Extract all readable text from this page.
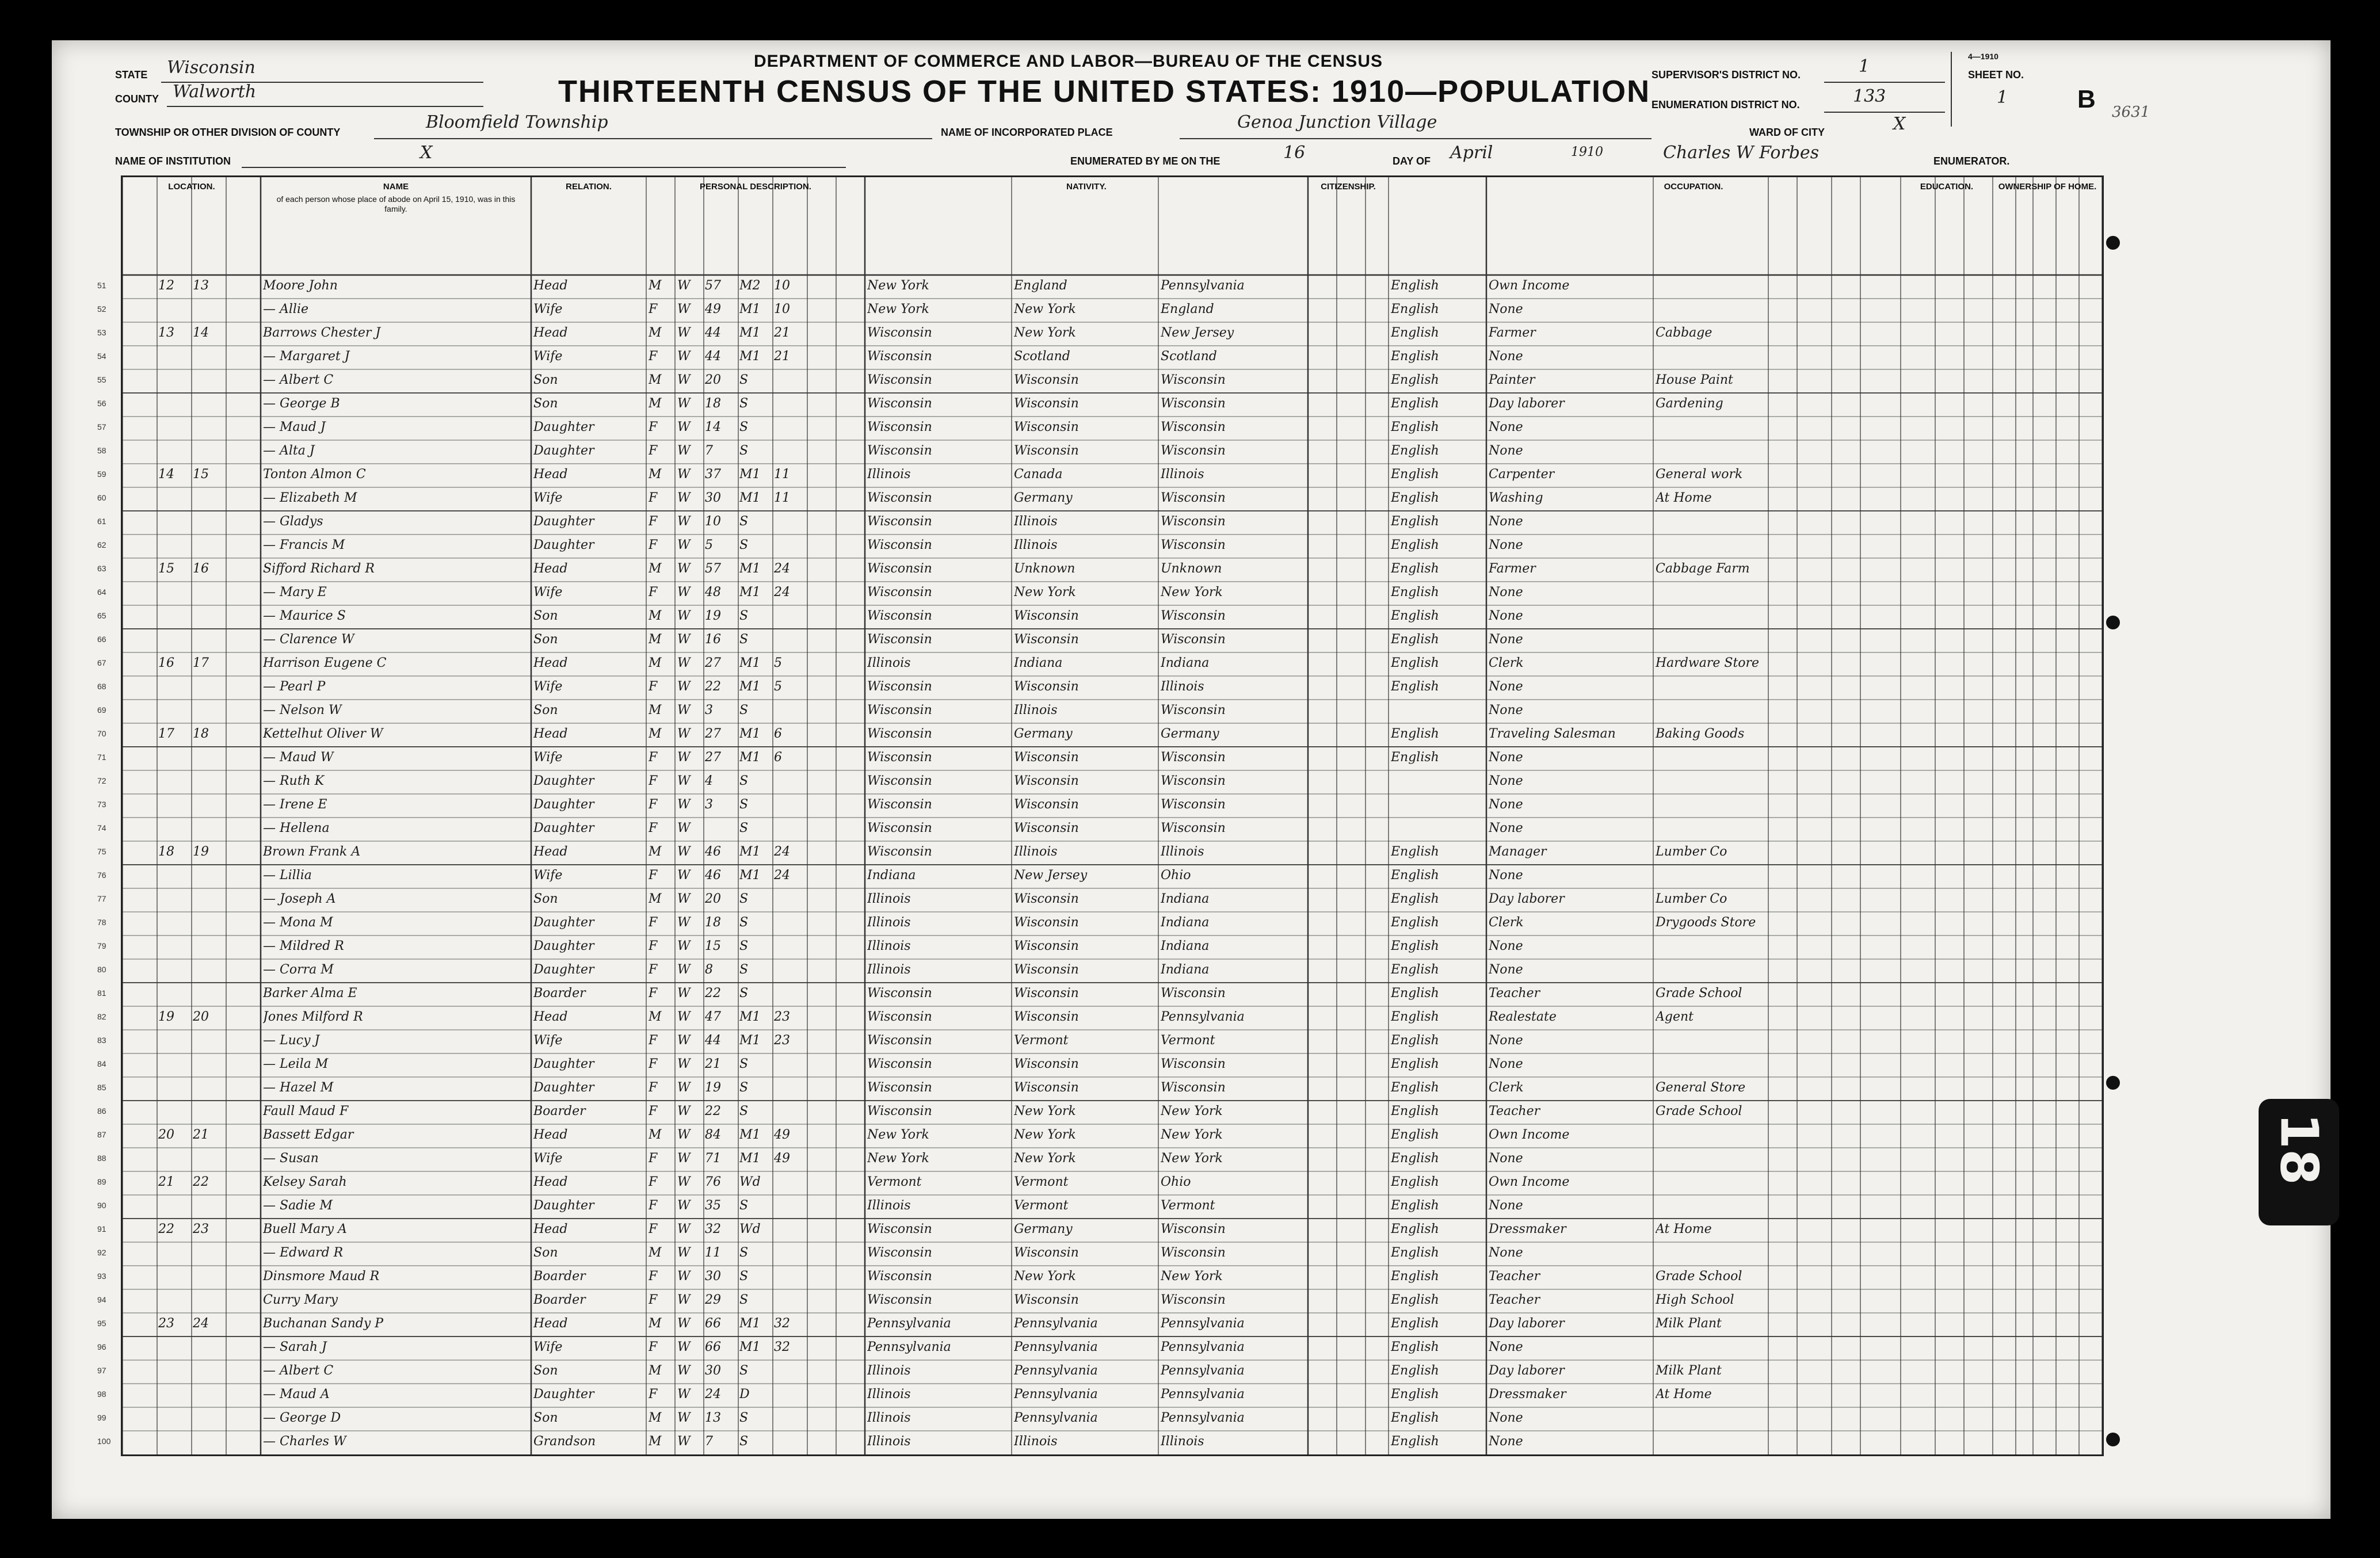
DEPARTMENT OF COMMERCE AND LABOR—BUREAU OF THE CENSUS
THIRTEENTH CENSUS OF THE UNITED STATES: 1910—POPULATION
STATE Wisconsin
COUNTY Walworth
TOWNSHIP OR OTHER DIVISION OF COUNTY	Bloomfield Township	NAME OF INCORPORATED PLACE	Genoa Junction Village
NAME OF INSTITUTION	X	ENUMERATED BY ME ON THE	16	DAY OF April	1910	Charles W Forbes	ENUMERATOR.
SUPERVISOR'S DISTRICT NO.	1
ENUMERATION DISTRICT NO.	133
WARD OF CITY	X
4—1910
SHEET NO.
1	B 3631
LOCATION.	NAME
of each person whose place of abode on April 15, 1910, was in this family.
RELATION.	PERSONAL DESCRIPTION.	NATIVITY.	CITIZENSHIP.	OCCUPATION.	EDUCATION.	OWNERSHIP OF HOME.
51	12	13	Moore John	Head	M	W	57	M2	10	New York	England	Pennsylvania	English	Own Income
52	— Allie	Wife	F	W	49	M1	10	New York	New York	England	English	None
53	13	14	Barrows Chester J	Head	M	W	44	M1	21	Wisconsin	New York	New Jersey	English	Farmer	Cabbage
54	— Margaret J	Wife	F	W	44	M1	21	Wisconsin	Scotland	Scotland	English	None
55	— Albert C	Son	M	W	20	S	Wisconsin	Wisconsin	Wisconsin	English	Painter	House Paint
56	— George B	Son	M	W	18	S	Wisconsin	Wisconsin	Wisconsin	English	Day laborer	Gardening
57	— Maud J	Daughter	F	W	14	S	Wisconsin	Wisconsin	Wisconsin	English	None
58	— Alta J	Daughter	F	W	7	S	Wisconsin	Wisconsin	Wisconsin	English	None
59	14	15	Tonton Almon C	Head	M	W	37	M1	11	Illinois	Canada	Illinois	English	Carpenter	General work
60	— Elizabeth M	Wife	F	W	30	M1	11	Wisconsin	Germany	Wisconsin	English	Washing	At Home
61	— Gladys	Daughter	F	W	10	S	Wisconsin	Illinois	Wisconsin	English	None
62	— Francis M	Daughter	F	W	5	S	Wisconsin	Illinois	Wisconsin	English	None
63	15	16	Sifford Richard R	Head	M	W	57	M1	24	Wisconsin	Unknown	Unknown	English	Farmer	Cabbage Farm
64	— Mary E	Wife	F	W	48	M1	24	Wisconsin	New York	New York	English	None
65	— Maurice S	Son	M	W	19	S	Wisconsin	Wisconsin	Wisconsin	English	None
66	— Clarence W	Son	M	W	16	S	Wisconsin	Wisconsin	Wisconsin	English	None
67	16	17	Harrison Eugene C	Head	M	W	27	M1	5	Illinois	Indiana	Indiana	English	Clerk	Hardware Store
68	— Pearl P	Wife	F	W	22	M1	5	Wisconsin	Wisconsin	Illinois	English	None
69	— Nelson W	Son	M	W	3	S	Wisconsin	Illinois	Wisconsin	None
70	17	18	Kettelhut Oliver W	Head	M	W	27	M1	6	Wisconsin	Germany	Germany	English	Traveling Salesman	Baking Goods
71	— Maud W	Wife	F	W	27	M1	6	Wisconsin	Wisconsin	Wisconsin	English	None
72	— Ruth K	Daughter	F	W	4	S	Wisconsin	Wisconsin	Wisconsin	None
73	— Irene E	Daughter	F	W	3	S	Wisconsin	Wisconsin	Wisconsin	None
74	— Hellena	Daughter	F	W	S	Wisconsin	Wisconsin	Wisconsin	None
75	18	19	Brown Frank A	Head	M	W	46	M1	24	Wisconsin	Illinois	Illinois	English	Manager	Lumber Co
76	— Lillia	Wife	F	W	46	M1	24	Indiana	New Jersey	Ohio	English	None
77	— Joseph A	Son	M	W	20	S	Illinois	Wisconsin	Indiana	English	Day laborer	Lumber Co
78	— Mona M	Daughter	F	W	18	S	Illinois	Wisconsin	Indiana	English	Clerk	Drygoods Store
79	— Mildred R	Daughter	F	W	15	S	Illinois	Wisconsin	Indiana	English	None
80	— Corra M	Daughter	F	W	8	S	Illinois	Wisconsin	Indiana	English	None
81	Barker Alma E	Boarder	F	W	22	S	Wisconsin	Wisconsin	Wisconsin	English	Teacher	Grade School
82	19	20	Jones Milford R	Head	M	W	47	M1	23	Wisconsin	Wisconsin	Pennsylvania	English	Realestate	Agent
83	— Lucy J	Wife	F	W	44	M1	23	Wisconsin	Vermont	Vermont	English	None
84	— Leila M	Daughter	F	W	21	S	Wisconsin	Wisconsin	Wisconsin	English	None
85	— Hazel M	Daughter	F	W	19	S	Wisconsin	Wisconsin	Wisconsin	English	Clerk	General Store
86	Faull Maud F	Boarder	F	W	22	S	Wisconsin	New York	New York	English	Teacher	Grade School
87	20	21	Bassett Edgar	Head	M	W	84	M1	49	New York	New York	New York	English	Own Income
88	— Susan	Wife	F	W	71	M1	49	New York	New York	New York	English	None
89	21	22	Kelsey Sarah	Head	F	W	76	Wd	Vermont	Vermont	Ohio	English	Own Income
90	— Sadie M	Daughter	F	W	35	S	Illinois	Vermont	Vermont	English	None
91	22	23	Buell Mary A	Head	F	W	32	Wd	Wisconsin	Germany	Wisconsin	English	Dressmaker	At Home
92	— Edward R	Son	M	W	11	S	Wisconsin	Wisconsin	Wisconsin	English	None
93	Dinsmore Maud R	Boarder	F	W	30	S	Wisconsin	New York	New York	English	Teacher	Grade School
94	Curry Mary	Boarder	F	W	29	S	Wisconsin	Wisconsin	Wisconsin	English	Teacher	High School
95	23	24	Buchanan Sandy P	Head	M	W	66	M1	32	Pennsylvania	Pennsylvania	Pennsylvania	English	Day laborer	Milk Plant
96	— Sarah J	Wife	F	W	66	M1	32	Pennsylvania	Pennsylvania	Pennsylvania	English	None
97	— Albert C	Son	M	W	30	S	Illinois	Pennsylvania	Pennsylvania	English	Day laborer	Milk Plant
98	— Maud A	Daughter	F	W	24	D	Illinois	Pennsylvania	Pennsylvania	English	Dressmaker	At Home
99	— George D	Son	M	W	13	S	Illinois	Pennsylvania	Pennsylvania	English	None
100	— Charles W	Grandson	M	W	7	S	Illinois	Illinois	Illinois	English	None
18
